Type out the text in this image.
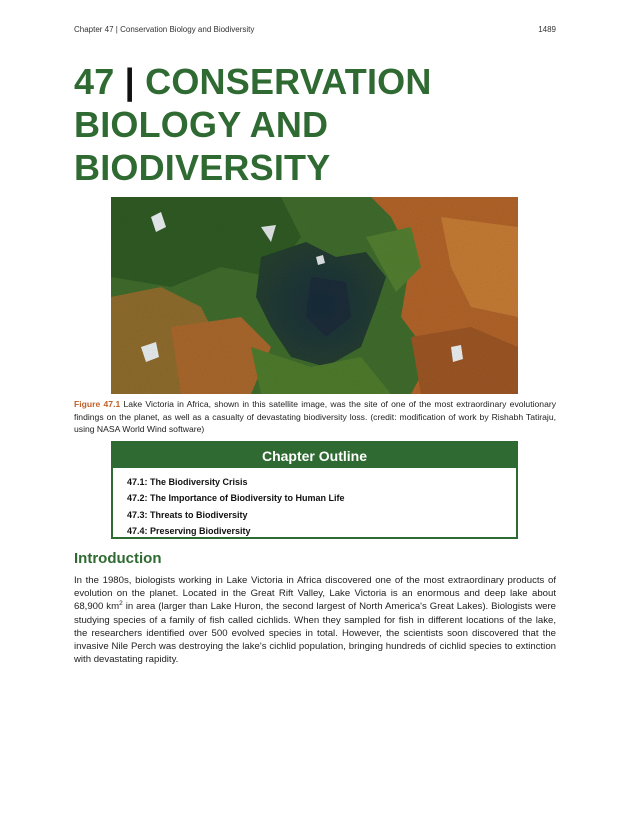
Chapter 47 | Conservation Biology and Biodiversity	1489
47 | CONSERVATION
BIOLOGY AND
BIODIVERSITY
Figure 47.1 Lake Victoria in Africa, shown in this satellite image, was the site of one of the most extraordinary evolutionary findings on the planet, as well as a casualty of devastating biodiversity loss. (credit: modification of work by Rishabh Tatiraju, using NASA World Wind software)
Chapter Outline
47.1: The Biodiversity Crisis
47.2: The Importance of Biodiversity to Human Life
47.3: Threats to Biodiversity
47.4: Preserving Biodiversity
Introduction

In the 1980s, biologists working in Lake Victoria in Africa discovered one of the most extraordinary products of evolution on the planet. Located in the Great Rift Valley, Lake Victoria is an enormous and deep lake about 68,900 $km^2$ in area (larger than Lake Huron, the second largest of North America's Great Lakes). Biologists were studying species of a family of fish called cichlids. When they sampled for fish in different locations of the lake, the researchers identified over 500 evolved species in total. However, the scientists soon discovered that the invasive Nile Perch was destroying the lake's cichlid population, bringing hundreds of cichlid species to extinction with devastating rapidity.
